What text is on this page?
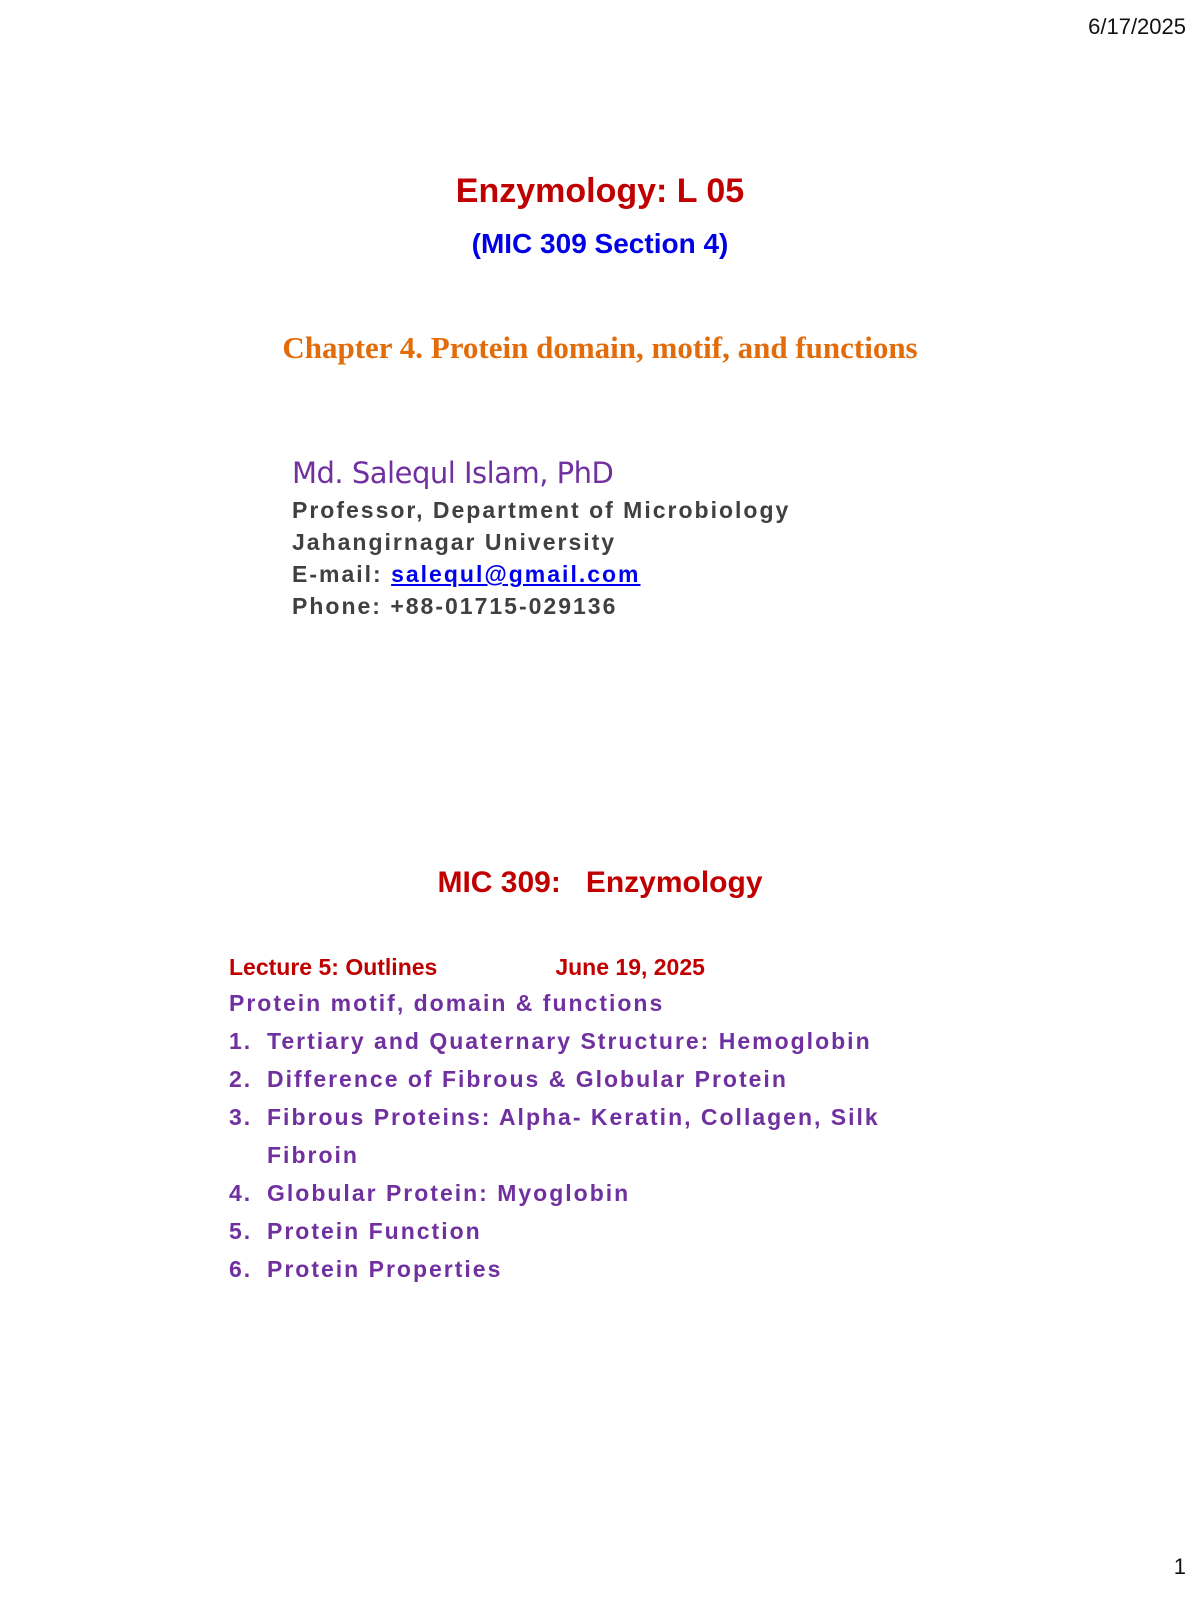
6/17/2025
Enzymology: L 05
(MIC 309 Section 4)
Chapter 4. Protein domain, motif, and functions
Md. Salequl Islam, PhD
Professor, Department of Microbiology
Jahangirnagar University
E-mail: salequl@gmail.com
Phone: +88-01715-029136
MIC 309:   Enzymology
Lecture 5: Outlines	June 19, 2025
Protein motif, domain & functions
1. Tertiary and Quaternary Structure: Hemoglobin
2. Difference of Fibrous & Globular Protein
3. Fibrous Proteins: Alpha- Keratin, Collagen, Silk Fibroin
4. Globular Protein: Myoglobin
5. Protein Function
6. Protein Properties
1
